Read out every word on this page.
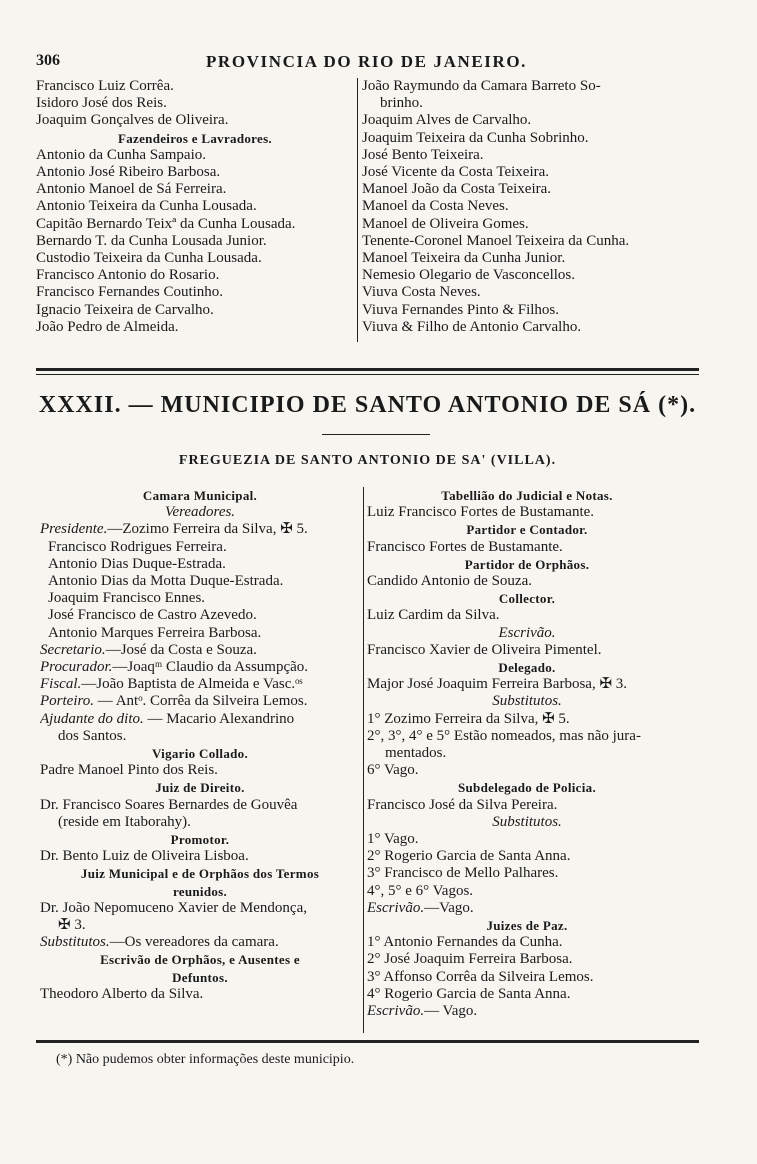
306	PROVINCIA DO RIO DE JANEIRO.
Francisco Luiz Corrêa.
Isidoro José dos Reis.
Joaquim Gonçalves de Oliveira.
Fazendeiros e Lavradores.
Antonio da Cunha Sampaio.
Antonio José Ribeiro Barbosa.
Antonio Manoel de Sá Ferreira.
Antonio Teixeira da Cunha Lousada.
Capitão Bernardo Teixª da Cunha Lousada.
Bernardo T. da Cunha Lousada Junior.
Custodio Teixeira da Cunha Lousada.
Francisco Antonio do Rosario.
Francisco Fernandes Coutinho.
Ignacio Teixeira de Carvalho.
João Pedro de Almeida.
João Raymundo da Camara Barreto So-
brinho.
Joaquim Alves de Carvalho.
Joaquim Teixeira da Cunha Sobrinho.
José Bento Teixeira.
José Vicente da Costa Teixeira.
Manoel João da Costa Teixeira.
Manoel da Costa Neves.
Manoel de Oliveira Gomes.
Tenente-Coronel Manoel Teixeira da Cunha.
Manoel Teixeira da Cunha Junior.
Nemesio Olegario de Vasconcellos.
Viuva Costa Neves.
Viuva Fernandes Pinto & Filhos.
Viuva & Filho de Antonio Carvalho.
XXXII. — MUNICIPIO DE SANTO ANTONIO DE SÁ (*).
FREGUEZIA DE SANTO ANTONIO DE SA' (VILLA).
Camara Municipal.
Vereadores.
Presidente.—Zozimo Ferreira da Silva, ✠ 5.
Francisco Rodrigues Ferreira.
Antonio Dias Duque-Estrada.
Antonio Dias da Motta Duque-Estrada.
Joaquim Francisco Ennes.
José Francisco de Castro Azevedo.
Antonio Marques Ferreira Barbosa.
Secretario.—José da Costa e Souza.
Procurador.—Joaqᵐ Claudio da Assumpção.
Fiscal.—João Baptista de Almeida e Vasc.ᵒˢ
Porteiro. — Antᵒ. Corrêa da Silveira Lemos.
Ajudante do dito. — Macario Alexandrino
dos Santos.
Vigario Collado.
Padre Manoel Pinto dos Reis.
Juiz de Direito.
Dr. Francisco Soares Bernardes de Gouvêa
(reside em Itaborahy).
Promotor.
Dr. Bento Luiz de Oliveira Lisboa.
Juiz Municipal e de Orphãos dos Termos
reunidos.
Dr. João Nepomuceno Xavier de Mendonça,
✠ 3.
Substitutos.—Os vereadores da camara.
Escrivão de Orphãos, e Ausentes e
Defuntos.
Theodoro Alberto da Silva.
Tabellião do Judicial e Notas.
Luiz Francisco Fortes de Bustamante.
Partidor e Contador.
Francisco Fortes de Bustamante.
Partidor de Orphãos.
Candido Antonio de Souza.
Collector.
Luiz Cardim da Silva.
Escrivão.
Francisco Xavier de Oliveira Pimentel.
Delegado.
Major José Joaquim Ferreira Barbosa, ✠ 3.
Substitutos.
1° Zozimo Ferreira da Silva, ✠ 5.
2°, 3°, 4° e 5° Estão nomeados, mas não jura-
mentados.
6° Vago.
Subdelegado de Policia.
Francisco José da Silva Pereira.
Substitutos.
1° Vago.
2° Rogerio Garcia de Santa Anna.
3° Francisco de Mello Palhares.
4°, 5° e 6° Vagos.
Escrivão.—Vago.
Juizes de Paz.
1° Antonio Fernandes da Cunha.
2° José Joaquim Ferreira Barbosa.
3° Affonso Corrêa da Silveira Lemos.
4° Rogerio Garcia de Santa Anna.
Escrivão.— Vago.
(*) Não pudemos obter informações deste municipio.
